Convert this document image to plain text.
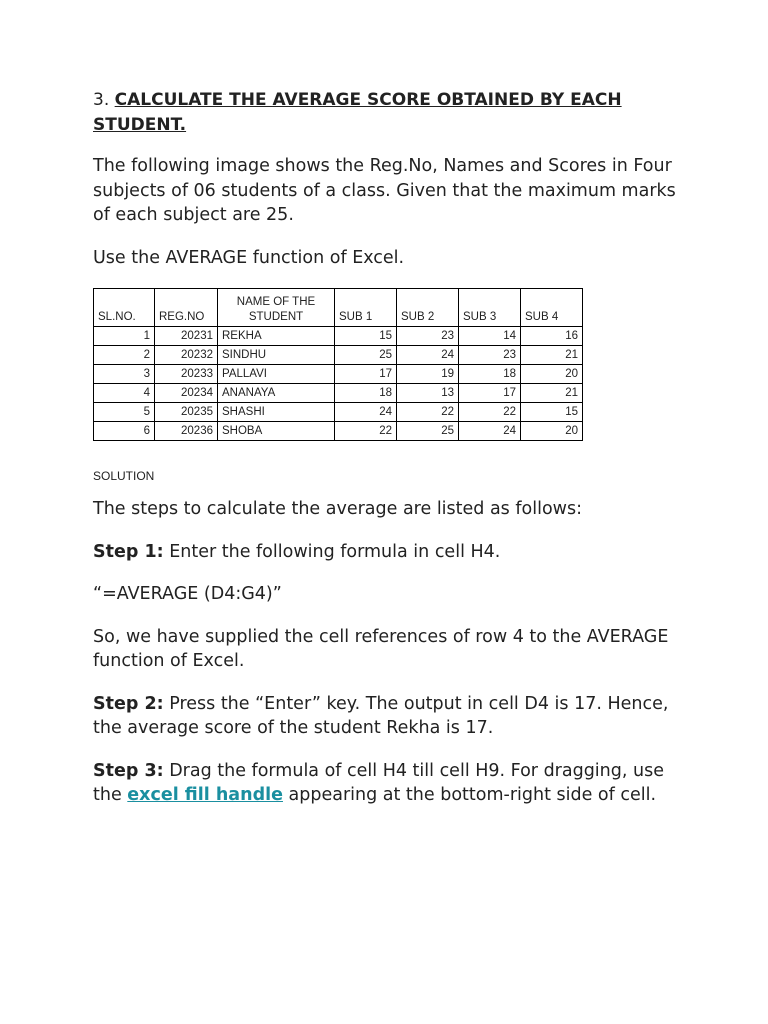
3. CALCULATE THE AVERAGE SCORE OBTAINED BY EACH STUDENT.

The following image shows the Reg.No, Names and Scores in Four subjects of 06 students of a class. Given that the maximum marks of each subject are 25.

Use the AVERAGE function of Excel.

SL.NO.	REG.NO	NAME OF THE STUDENT	SUB 1	SUB 2	SUB 3	SUB 4
1	20231	REKHA	15	23	14	16
2	20232	SINDHU	25	24	23	21
3	20233	PALLAVI	17	19	18	20
4	20234	ANANAYA	18	13	17	21
5	20235	SHASHI	24	22	22	15
6	20236	SHOBA	22	25	24	20
SOLUTION

The steps to calculate the average are listed as follows:

Step 1: Enter the following formula in cell H4.

“=AVERAGE (D4:G4)”

So, we have supplied the cell references of row 4 to the AVERAGE function of Excel.

Step 2: Press the “Enter” key. The output in cell D4 is 17. Hence, the average score of the student Rekha is 17.

Step 3: Drag the formula of cell H4 till cell H9. For dragging, use the excel fill handle appearing at the bottom-right side of cell.
